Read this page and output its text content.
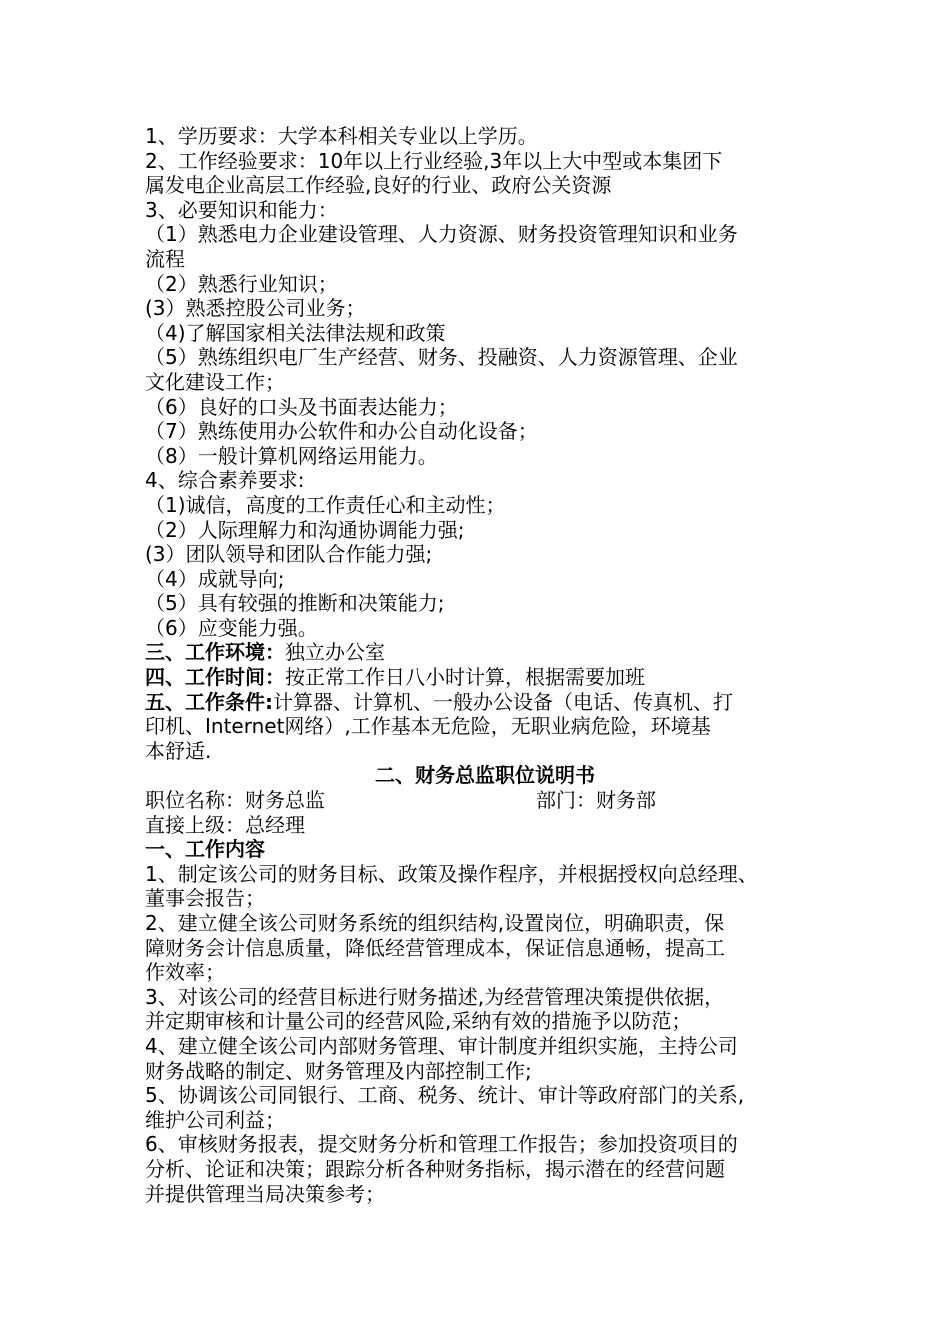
1、学历要求：大学本科相关专业以上学历。
2、工作经验要求：10年以上行业经验,3年以上大中型或本集团下
属发电企业高层工作经验,良好的行业、政府公关资源
3、必要知识和能力：
（1）熟悉电力企业建设管理、人力资源、财务投资管理知识和业务
流程
（2）熟悉行业知识；
(3）熟悉控股公司业务；
（4)了解国家相关法律法规和政策
（5）熟练组织电厂生产经营、财务、投融资、人力资源管理、企业
文化建设工作；
（6）良好的口头及书面表达能力；
（7）熟练使用办公软件和办公自动化设备；
（8）一般计算机网络运用能力。
4、综合素养要求:
（1)诚信，高度的工作责任心和主动性；
（2）人际理解力和沟通协调能力强;
(3）团队领导和团队合作能力强;
（4）成就导向;
（5）具有较强的推断和决策能力;
（6）应变能力强。
三、工作环境：独立办公室
四、工作时间：按正常工作日八小时计算，根据需要加班
五、工作条件:计算器、计算机、一般办公设备（电话、传真机、打
印机、Internet网络）,工作基本无危险，无职业病危险，环境基
本舒适.
二、财务总监职位说明书
职位名称：财务总监	部门：财务部
直接上级：总经理
一、工作内容
1、制定该公司的财务目标、政策及操作程序，并根据授权向总经理、
董事会报告；
2、建立健全该公司财务系统的组织结构,设置岗位，明确职责，保
障财务会计信息质量，降低经营管理成本，保证信息通畅，提高工
作效率；
3、对该公司的经营目标进行财务描述,为经营管理决策提供依据，
并定期审核和计量公司的经营风险,采纳有效的措施予以防范；
4、建立健全该公司内部财务管理、审计制度并组织实施，主持公司
财务战略的制定、财务管理及内部控制工作;
5、协调该公司同银行、工商、税务、统计、审计等政府部门的关系,
维护公司利益；
6、审核财务报表，提交财务分析和管理工作报告；参加投资项目的
分析、论证和决策；跟踪分析各种财务指标，揭示潜在的经营问题
并提供管理当局决策参考；
